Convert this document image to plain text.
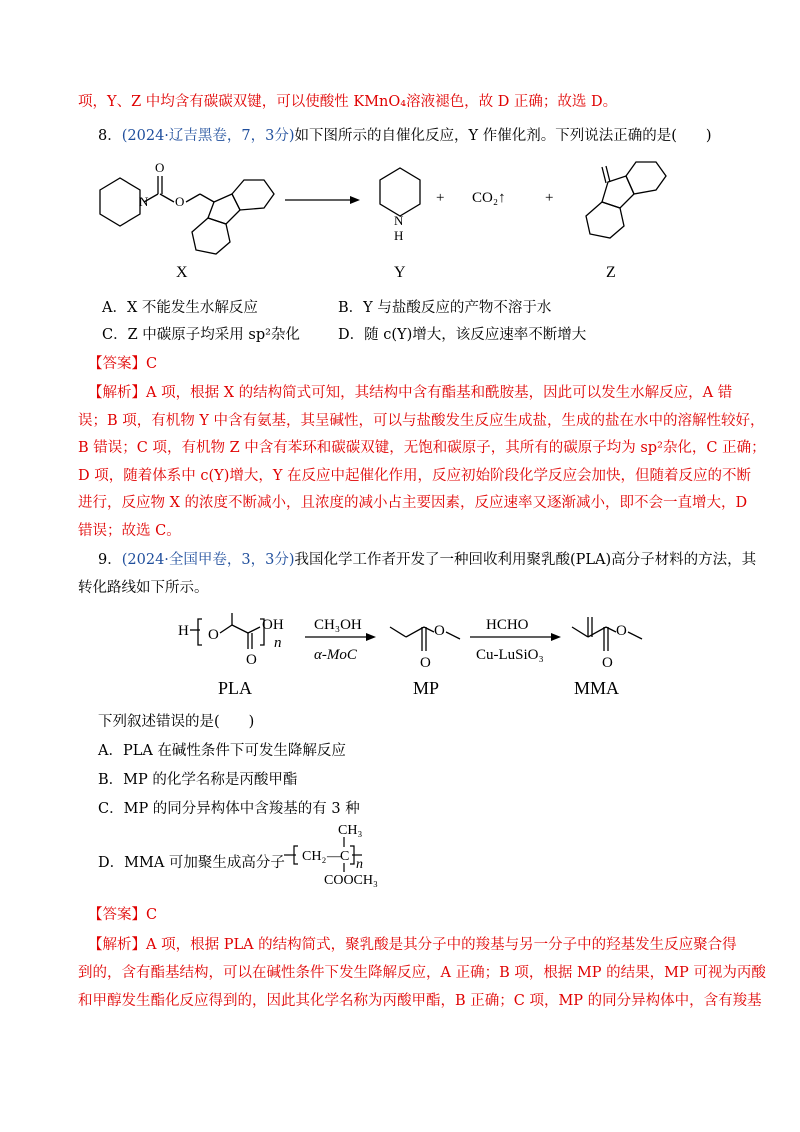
项，Y、Z 中均含有碳碳双键，可以使酸性 KMnO₄溶液褪色，故 D 正确；故选 D。
8．(2024·辽吉黑卷，7，3分)如下图所示的自催化反应，Y 作催化剂。下列说法正确的是(　　)
N
O
O
N
H
+ CO₂↑	+
X	Y	Z
A．X 不能发生水解反应	B．Y 与盐酸反应的产物不溶于水
C．Z 中碳原子均采用 sp²杂化	D．随 c(Y)增大，该反应速率不断增大
【答案】C
【解析】A 项，根据 X 的结构简式可知，其结构中含有酯基和酰胺基，因此可以发生水解反应，A 错
误；B 项，有机物 Y 中含有氨基，其呈碱性，可以与盐酸发生反应生成盐，生成的盐在水中的溶解性较好，
B 错误；C 项，有机物 Z 中含有苯环和碳碳双键，无饱和碳原子，其所有的碳原子均为 sp²杂化，C 正确；
D 项，随着体系中 c(Y)增大，Y 在反应中起催化作用，反应初始阶段化学反应会加快，但随着反应的不断
进行，反应物 X 的浓度不断减小，且浓度的减小占主要因素，反应速率又逐渐减小，即不会一直增大，D
错误；故选 C。
9．(2024·全国甲卷，3，3分)我国化学工作者开发了一种回收利用聚乳酸(PLA)高分子材料的方法，其
转化路线如下所示。
H O
OH
O
n
CH₃OH
α-MoC
HCHO
Cu-LuSiO₃
O
O
O
O
PLA	MP	MMA
下列叙述错误的是(　　)
A．PLA 在碱性条件下可发生降解反应
B．MP 的化学名称是丙酸甲酯
C．MP 的同分异构体中含羧基的有 3 种
D．MMA 可加聚生成高分子
CH₃
CH₂ — C
n
COOCH₃
【答案】C
【解析】A 项，根据 PLA 的结构简式，聚乳酸是其分子中的羧基与另一分子中的羟基发生反应聚合得
到的，含有酯基结构，可以在碱性条件下发生降解反应，A 正确；B 项，根据 MP 的结果，MP 可视为丙酸
和甲醇发生酯化反应得到的，因此其化学名称为丙酸甲酯，B 正确；C 项，MP 的同分异构体中，含有羧基
